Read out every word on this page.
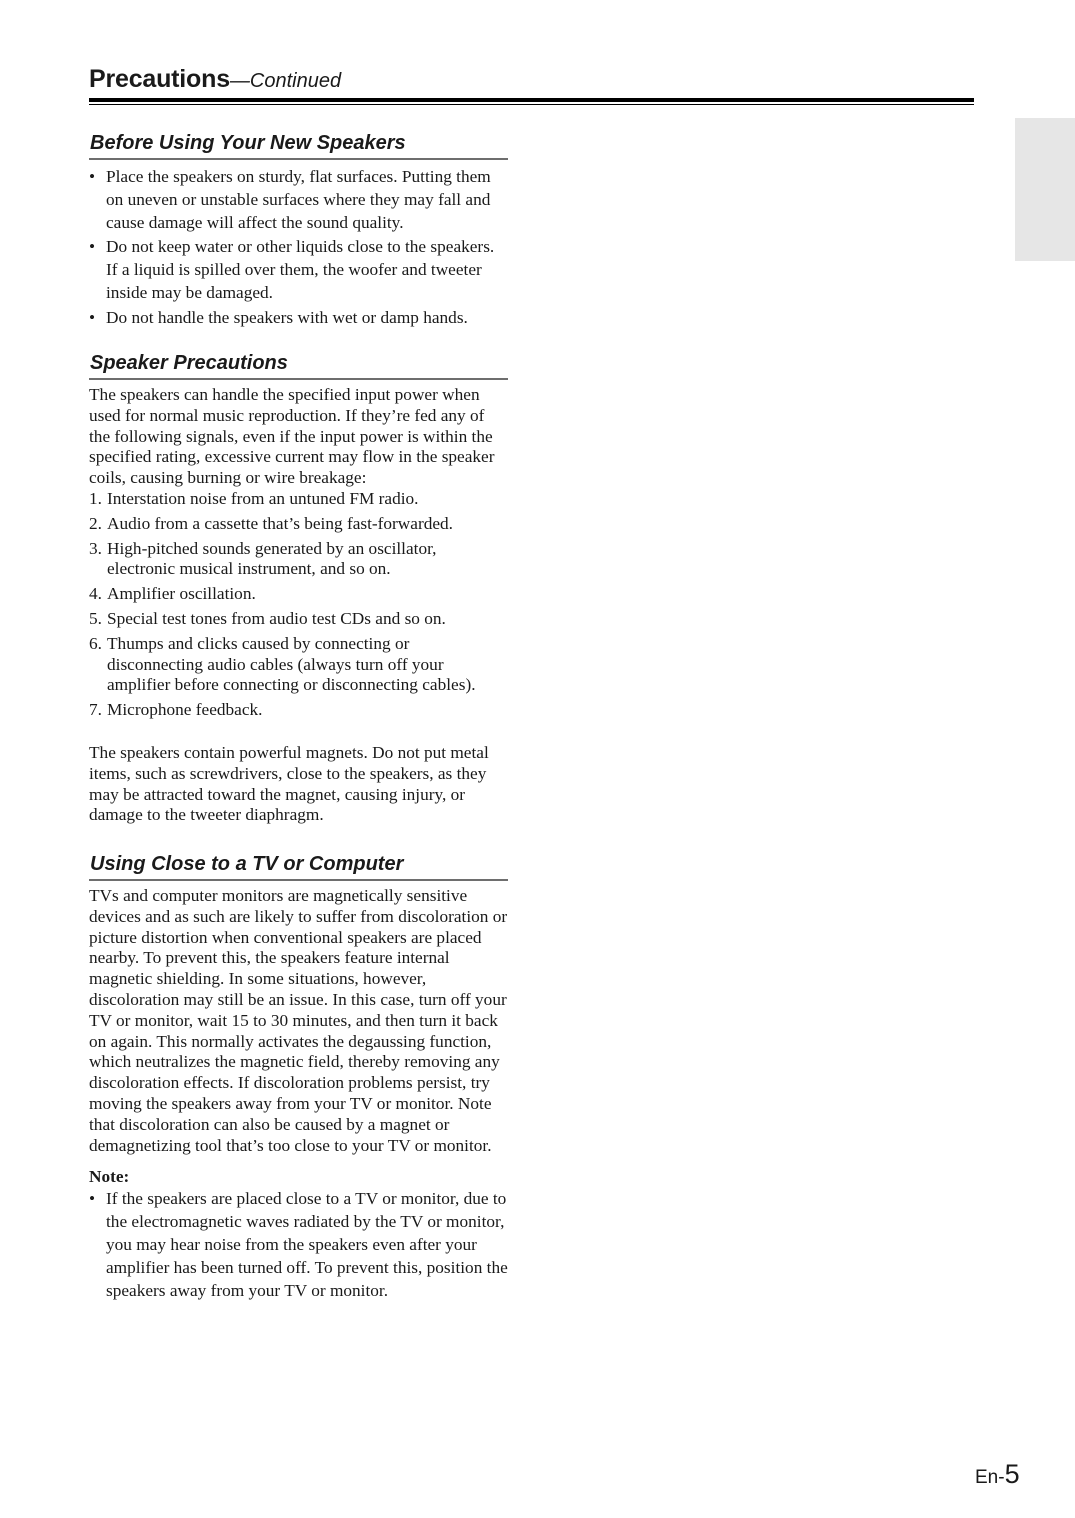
Precautions—Continued
Before Using Your New Speakers
• Place the speakers on sturdy, flat surfaces. Putting them on uneven or unstable surfaces where they may fall and cause damage will affect the sound quality.
• Do not keep water or other liquids close to the speakers. If a liquid is spilled over them, the woofer and tweeter inside may be damaged.
• Do not handle the speakers with wet or damp hands.
Speaker Precautions

The speakers can handle the specified input power when used for normal music reproduction. If they’re fed any of the following signals, even if the input power is within the specified rating, excessive current may flow in the speaker coils, causing burning or wire breakage:

1. Interstation noise from an untuned FM radio.
2. Audio from a cassette that’s being fast-forwarded.
3. High-pitched sounds generated by an oscillator, electronic musical instrument, and so on.
4. Amplifier oscillation.
5. Special test tones from audio test CDs and so on.
6. Thumps and clicks caused by connecting or disconnecting audio cables (always turn off your amplifier before connecting or disconnecting cables).
7. Microphone feedback.

The speakers contain powerful magnets. Do not put metal items, such as screwdrivers, close to the speakers, as they may be attracted toward the magnet, causing injury, or damage to the tweeter diaphragm.

Using Close to a TV or Computer

TVs and computer monitors are magnetically sensitive devices and as such are likely to suffer from discoloration or picture distortion when conventional speakers are placed nearby. To prevent this, the speakers feature internal magnetic shielding. In some situations, however, discoloration may still be an issue. In this case, turn off your TV or monitor, wait 15 to 30 minutes, and then turn it back on again. This normally activates the degaussing function, which neutralizes the magnetic field, thereby removing any discoloration effects. If discoloration problems persist, try moving the speakers away from your TV or monitor. Note that discoloration can also be caused by a magnet or demagnetizing tool that’s too close to your TV or monitor.

Note:

• If the speakers are placed close to a TV or monitor, due to the electromagnetic waves radiated by the TV or monitor, you may hear noise from the speakers even after your amplifier has been turned off. To prevent this, position the speakers away from your TV or monitor.
En-5
